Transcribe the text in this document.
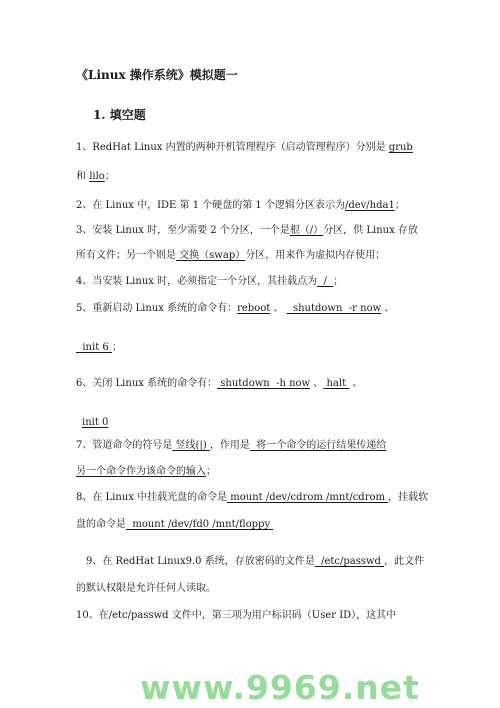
《Linux 操作系统》模拟题一
1. 填空题
1、RedHat Linux 内置的两种开机管理程序（启动管理程序）分别是 grub
和 lilo；
2、在 Linux 中，IDE 第 1 个硬盘的第 1 个逻辑分区表示为/dev/hda1；
3、安装 Linux 时，至少需要 2 个分区，一个是根（/）分区，供 Linux 存放
所有文件；另一个则是 交换（swap）分区，用来作为虚拟内存使用；
4、当安装 Linux 时，必须指定一个分区，其挂载点为  /  ；
5、重新启动 Linux 系统的命令有：reboot 、   shutdown  -r now 、
init 6 ；
6、关闭 Linux 系统的命令有： shutdown  -h now 、 halt  、
init 0
7、管道命令的符号是 竖线(|) ，作用是  将一个命令的运行结果传递给
另一个命令作为该命令的输入；
8、在 Linux 中挂载光盘的命令是 mount /dev/cdrom /mnt/cdrom ，挂载软
盘的命令是  mount /dev/fd0 /mnt/floppy
9、在 RedHat Linux9.0 系统，存放密码的文件是  /etc/passwd ，此文件
的默认权限是允许任何人读取。
10、在/etc/passwd 文件中，第三项为用户标识码（User ID），这其中
www.9969.net
